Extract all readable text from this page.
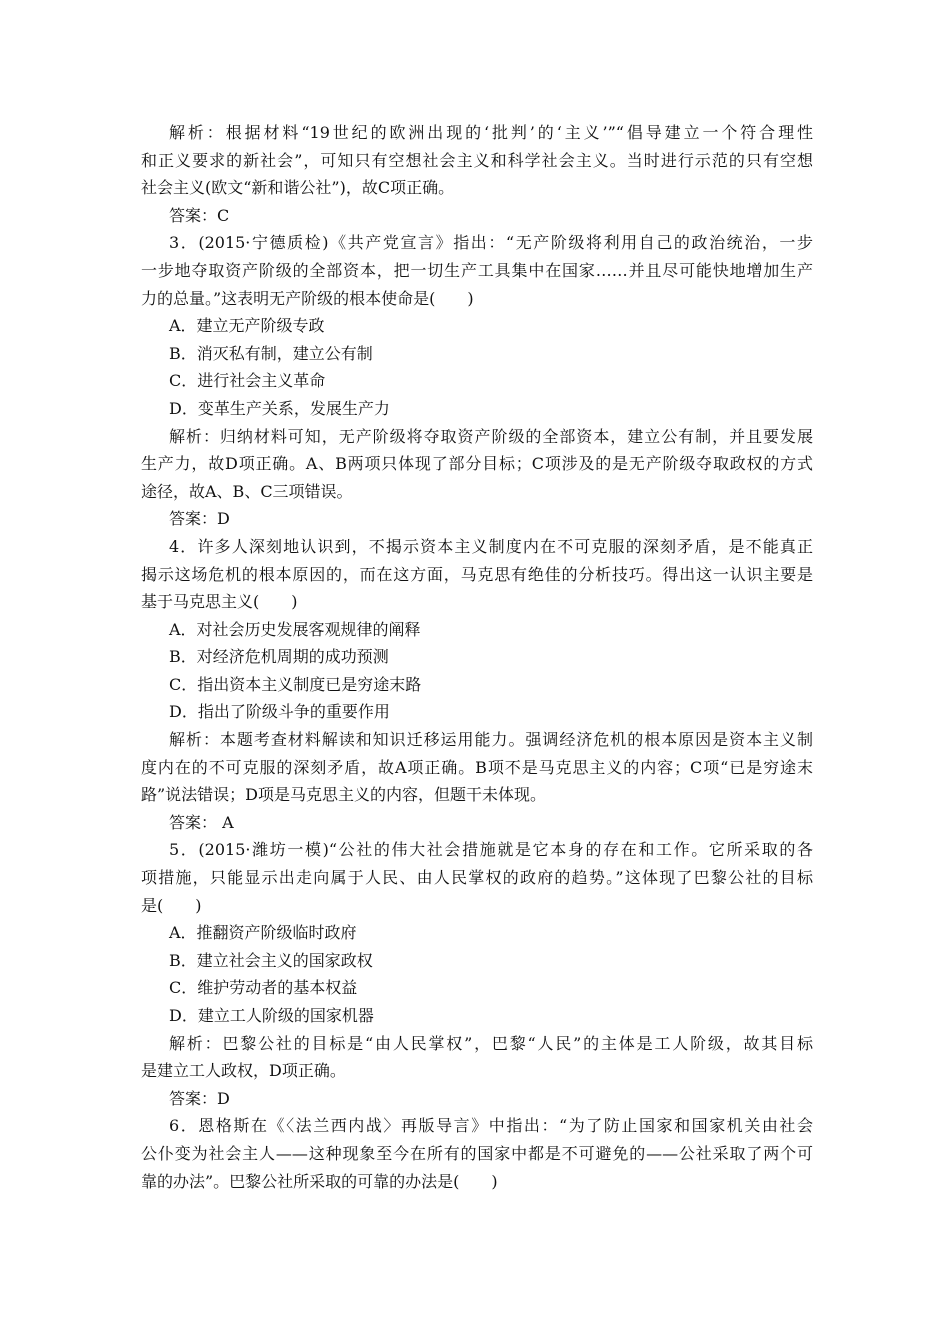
解析：根据材料“19世纪的欧洲出现的‘批判’的‘主义’”“倡导建立一个符合理性
和正义要求的新社会”，可知只有空想社会主义和科学社会主义。当时进行示范的只有空想
社会主义(欧文“新和谐公社”)，故C项正确。
答案：C
3．(2015·宁德质检)《共产党宣言》指出：“无产阶级将利用自己的政治统治，一步
一步地夺取资产阶级的全部资本，把一切生产工具集中在国家……并且尽可能快地增加生产
力的总量。”这表明无产阶级的根本使命是(　　)
A．建立无产阶级专政
B．消灭私有制，建立公有制
C．进行社会主义革命
D．变革生产关系，发展生产力
解析：归纳材料可知，无产阶级将夺取资产阶级的全部资本，建立公有制，并且要发展
生产力，故D项正确。A、B两项只体现了部分目标；C项涉及的是无产阶级夺取政权的方式
途径，故A、B、C三项错误。
答案：D
4．许多人深刻地认识到，不揭示资本主义制度内在不可克服的深刻矛盾，是不能真正
揭示这场危机的根本原因的，而在这方面，马克思有绝佳的分析技巧。得出这一认识主要是
基于马克思主义(　　)
A．对社会历史发展客观规律的阐释
B．对经济危机周期的成功预测
C．指出资本主义制度已是穷途末路
D．指出了阶级斗争的重要作用
解析：本题考查材料解读和知识迁移运用能力。强调经济危机的根本原因是资本主义制
度内在的不可克服的深刻矛盾，故A项正确。B项不是马克思主义的内容；C项“已是穷途末
路”说法错误；D项是马克思主义的内容，但题干未体现。
答案： A
5．(2015·潍坊一模)“公社的伟大社会措施就是它本身的存在和工作。它所采取的各
项措施，只能显示出走向属于人民、由人民掌权的政府的趋势。”这体现了巴黎公社的目标
是(　　)
A．推翻资产阶级临时政府
B．建立社会主义的国家政权
C．维护劳动者的基本权益
D．建立工人阶级的国家机器
解析：巴黎公社的目标是“由人民掌权”，巴黎“人民”的主体是工人阶级，故其目标
是建立工人政权，D项正确。
答案：D
6．恩格斯在《〈法兰西内战〉再版导言》中指出：“为了防止国家和国家机关由社会
公仆变为社会主人——这种现象至今在所有的国家中都是不可避免的——公社采取了两个可
靠的办法”。巴黎公社所采取的可靠的办法是(　　)
